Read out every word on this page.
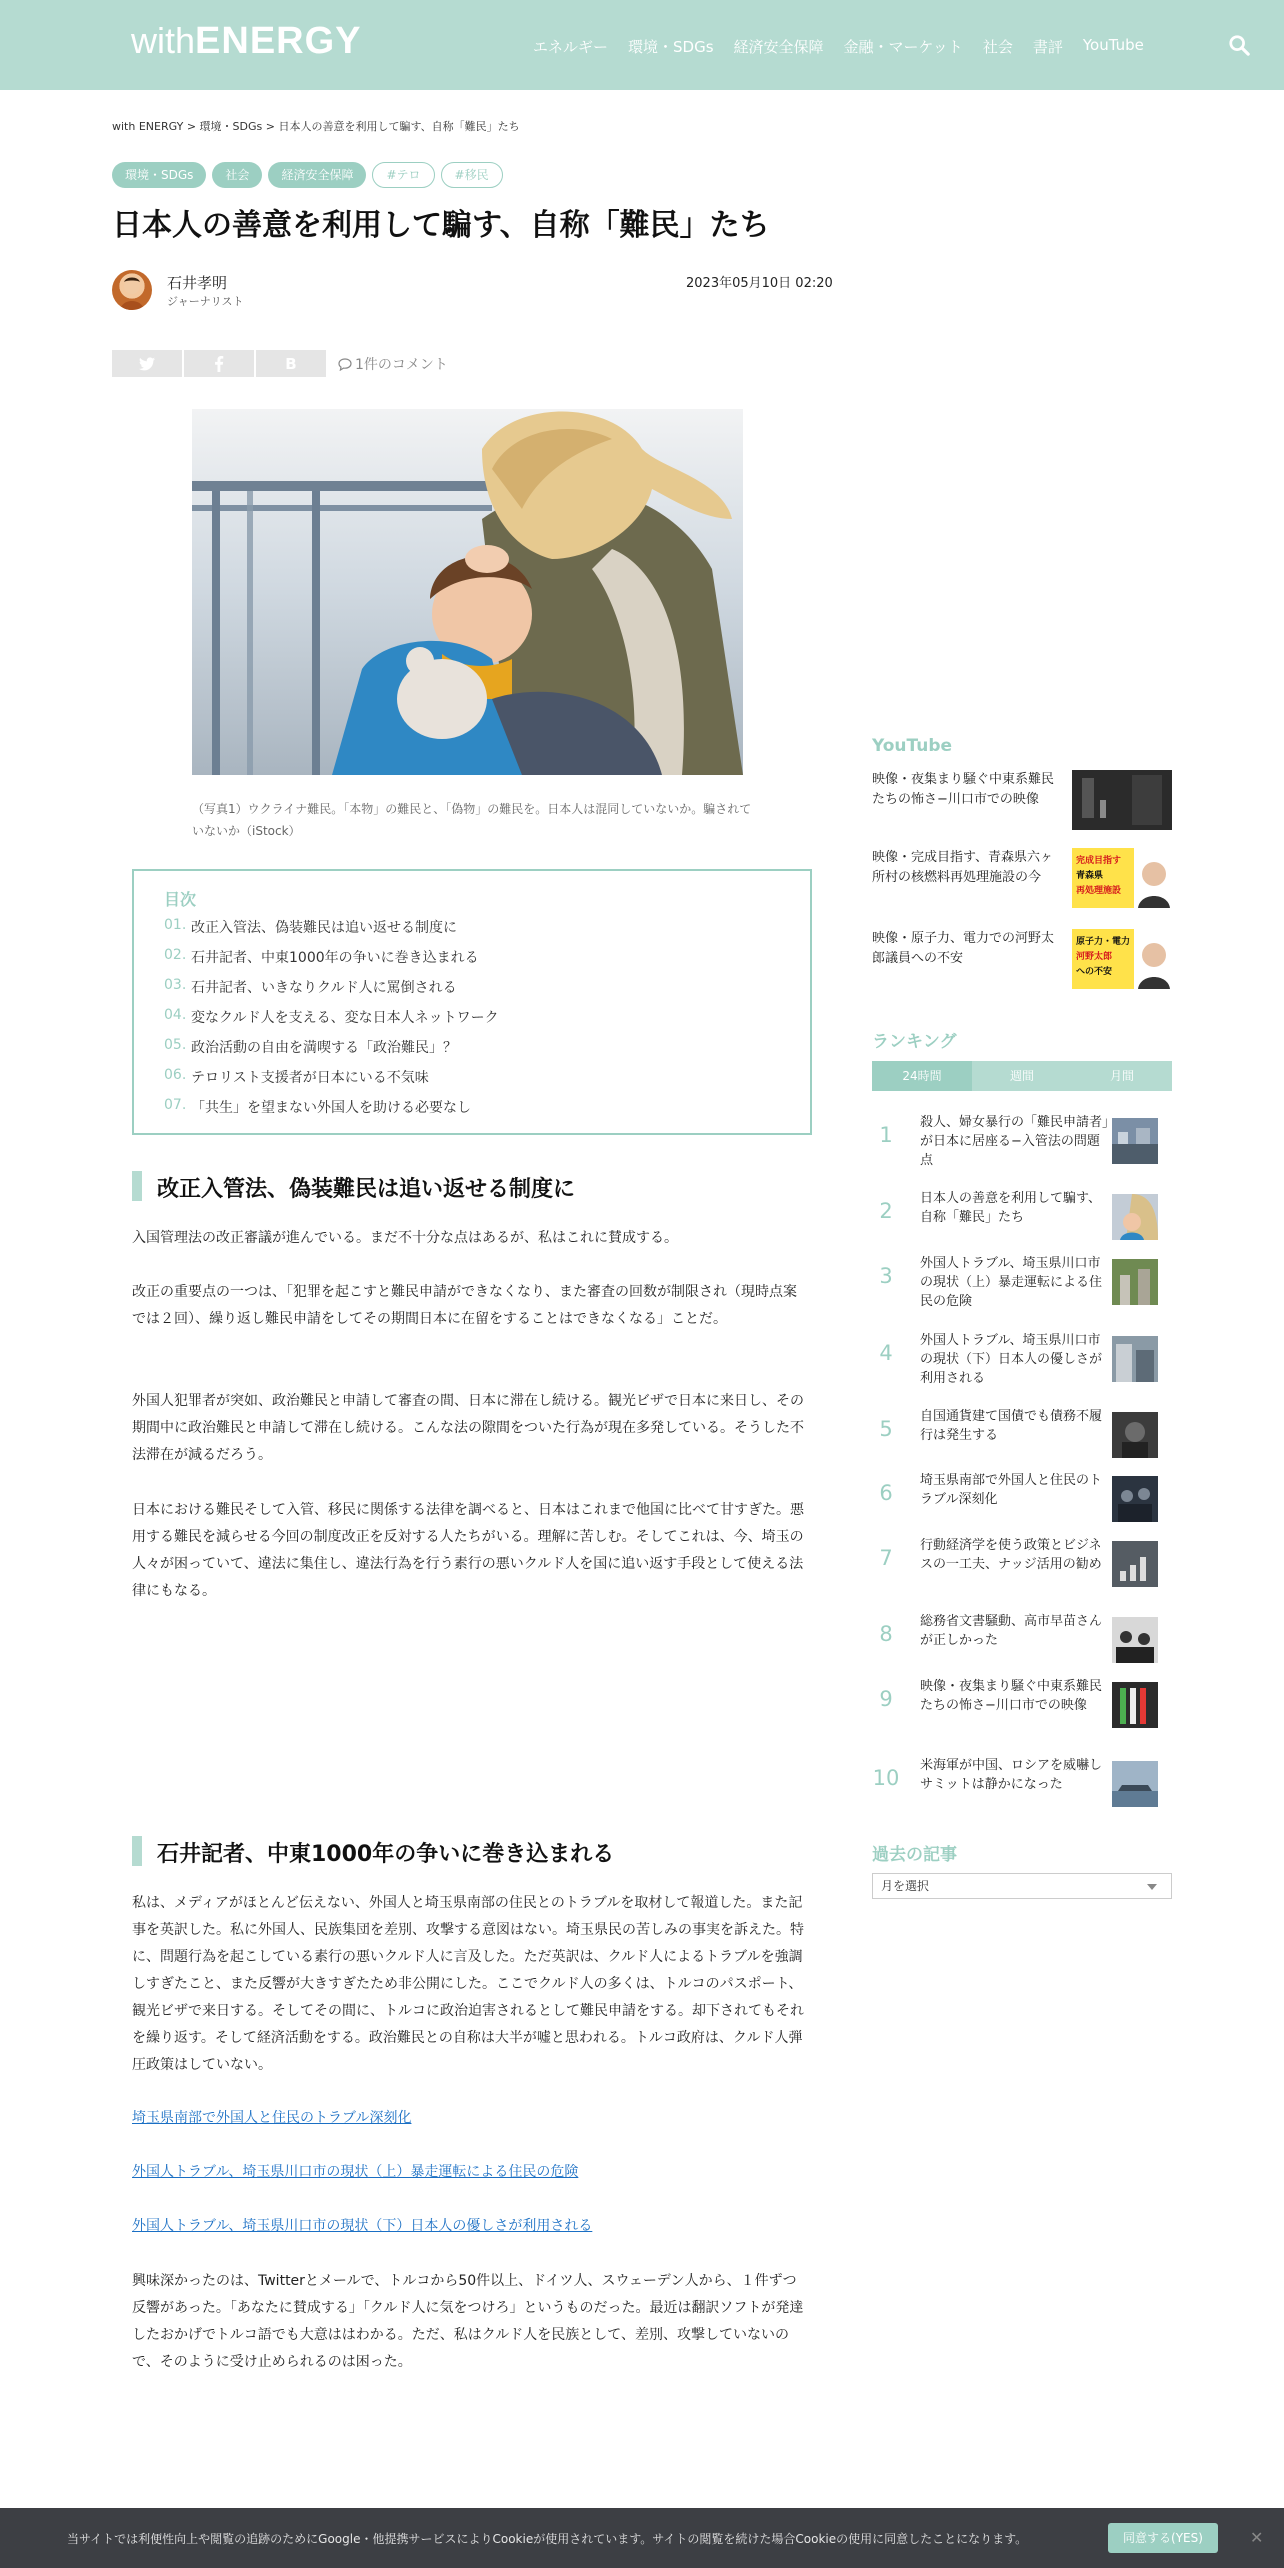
withENERGY	エネルギー 環境・SDGs 経済安全保障 金融・マーケット 社会 書評 YouTube
with ENERGY > 環境・SDGs > 日本人の善意を利用して騙す、自称「難民」たち
環境・SDGs	社会	経済安全保障	#テロ	#移民
日本人の善意を利用して騙す、自称「難民」たち
石井孝明
ジャーナリスト
2023年05月10日 02:20
B	1件のコメント
（写真1）ウクライナ難民。「本物」の難民と、「偽物」の難民を。日本人は混同していないか。騙されていないか（iStock）
目次
01. 改正入管法、偽装難民は追い返せる制度に
02. 石井記者、中東1000年の争いに巻き込まれる
03. 石井記者、いきなりクルド人に罵倒される
04. 変なクルド人を支える、変な日本人ネットワーク
05. 政治活動の自由を満喫する「政治難民」？
06. テロリスト支援者が日本にいる不気味
07. 「共生」を望まない外国人を助ける必要なし
改正入管法、偽装難民は追い返せる制度に

入国管理法の改正審議が進んでいる。まだ不十分な点はあるが、私はこれに賛成する。

改正の重要点の一つは、「犯罪を起こすと難民申請ができなくなり、また審査の回数が制限され（現時点案では２回）、繰り返し難民申請をしてその期間日本に在留をすることはできなくなる」ことだ。

外国人犯罪者が突如、政治難民と申請して審査の間、日本に滞在し続ける。観光ビザで日本に来日し、その期間中に政治難民と申請して滞在し続ける。こんな法の隙間をついた行為が現在多発している。そうした不法滞在が減るだろう。

日本における難民そして入管、移民に関係する法律を調べると、日本はこれまで他国に比べて甘すぎた。悪用する難民を減らせる今回の制度改正を反対する人たちがいる。理解に苦しむ。そしてこれは、今、埼玉の人々が困っていて、違法に集住し、違法行為を行う素行の悪いクルド人を国に追い返す手段として使える法律にもなる。

石井記者、中東1000年の争いに巻き込まれる

私は、メディアがほとんど伝えない、外国人と埼玉県南部の住民とのトラブルを取材して報道した。また記事を英訳した。私に外国人、民族集団を差別、攻撃する意図はない。埼玉県民の苦しみの事実を訴えた。特に、問題行為を起こしている素行の悪いクルド人に言及した。ただ英訳は、クルド人によるトラブルを強調しすぎたこと、また反響が大きすぎたため非公開にした。ここでクルド人の多くは、トルコのパスポート、観光ビザで来日する。そしてその間に、トルコに政治迫害されるとして難民申請をする。却下されてもそれを繰り返す。そして経済活動をする。政治難民との自称は大半が嘘と思われる。トルコ政府は、クルド人弾圧政策はしていない。

埼玉県南部で外国人と住民のトラブル深刻化
外国人トラブル、埼玉県川口市の現状（上）暴走運転による住民の危険
外国人トラブル、埼玉県川口市の現状（下）日本人の優しさが利用される

興味深かったのは、Twitterとメールで、トルコから50件以上、ドイツ人、スウェーデン人から、１件ずつ反響があった。「あなたに賛成する」「クルド人に気をつけろ」というものだった。最近は翻訳ソフトが発達したおかげでトルコ語でも大意ははわかる。ただ、私はクルド人を民族として、差別、攻撃していないので、そのように受け止められるのは困った。

YouTube
映像・夜集まり騒ぐ中東系難民たちの怖さ−川口市での映像
映像・完成目指す、青森県六ヶ所村の核燃料再処理施設の今
完成目指す
青森県
再処理施設
映像・原子力、電力での河野太郎議員への不安
原子力・電力
河野太郎
への不安
ランキング
24時間	週間	月間
1
殺人、婦女暴行の「難民申請者」が日本に居座る−入管法の問題点
2
日本人の善意を利用して騙す、自称「難民」たち
3
外国人トラブル、埼玉県川口市の現状（上）暴走運転による住民の危険
4
外国人トラブル、埼玉県川口市の現状（下）日本人の優しさが利用される
5
自国通貨建て国債でも債務不履行は発生する
6
埼玉県南部で外国人と住民のトラブル深刻化
7
行動経済学を使う政策とビジネスの一工夫、ナッジ活用の勧め
8
総務省文書騒動、高市早苗さんが正しかった
9
映像・夜集まり騒ぐ中東系難民たちの怖さ−川口市での映像
10
米海軍が中国、ロシアを威嚇しサミットは静かになった
過去の記事
月を選択
当サイトでは利便性向上や閲覧の追跡のためにGoogle・他提携サービスによりCookieが使用されています。サイトの閲覧を続けた場合Cookieの使用に同意したことになります。	同意する(YES)	✕
